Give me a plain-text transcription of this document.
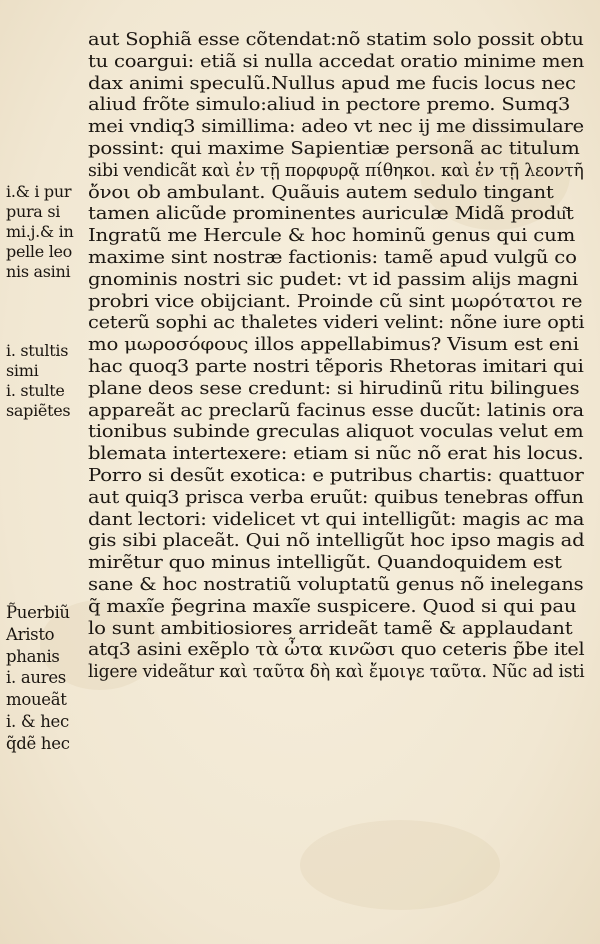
aut Sophiã esse cõtendat:nõ statim solo possit obtu
tu coargui: etiã si nulla accedat oratio minime men
dax animi speculũ.Nullus apud me fucis locus nec
aliud frõte simulo:aliud in pectore premo. Sumq3
mei vndiq3 simillima: adeo vt nec ij me dissimulare
possint: qui maxime Sapientiæ personã ac titulum
sibi vendicãt καὶ ἐν τῇ πορφυρᾷ πίθηκοι. καὶ ἐν τῇ λεοντῆ
ὄνοι ob ambulant. Quãuis autem sedulo tingant
tamen alicũde prominentes auriculæ Midã produ͂t
Ingratũ me Hercule & hoc hominũ genus qui cum
maxime sint nostræ factionis: tamẽ apud vulgũ co
gnominis nostri sic pudet: vt id passim alijs magni
probri vice obijciant. Proinde cũ sint μωρότατοι re
ceterũ sophi ac thaletes videri velint: nõne iure opti
mo μωροσόφους illos appellabimus? Visum est eni
hac quoq3 parte nostri tẽporis Rhetoras imitari qui
plane deos sese credunt: si hirudinũ ritu bilingues
appareãt ac preclarũ facinus esse ducũt: latinis ora
tionibus subinde greculas aliquot voculas velut em
blemata intertexere: etiam si nũc nõ erat his locus.
Porro si desũt exotica: e putribus chartis: quattuor
aut quiq3 prisca verba eruũt: quibus tenebras offun
dant lectori: videlicet vt qui intelligũt: magis ac ma
gis sibi placeãt. Qui nõ intelligũt hoc ipso magis ad
mirẽtur quo minus intelligũt. Quandoquidem est
sane & hoc nostratiũ voluptatũ genus nõ inelegans
q̃ maxĩe p̃egrina maxĩe suspicere. Quod si qui pau
lo sunt ambitiosiores arrideãt tamẽ & applaudant
atq3 asini exẽplo τὰ ὦτα κινῶσι quo ceteris p̃be itel
ligere videãtur καὶ ταῦτα δὴ καὶ ἔμοιγε ταῦτα. Nũc ad isti
i.& i pur
pura si
mi.j.& in
pelle leo
nis asini
i. stultis
simi
i. stulte
sapiẽtes
P̃uerbiũ
Aristo
phanis
i. aures
moueãt
i. & hec
q̃dẽ hec
